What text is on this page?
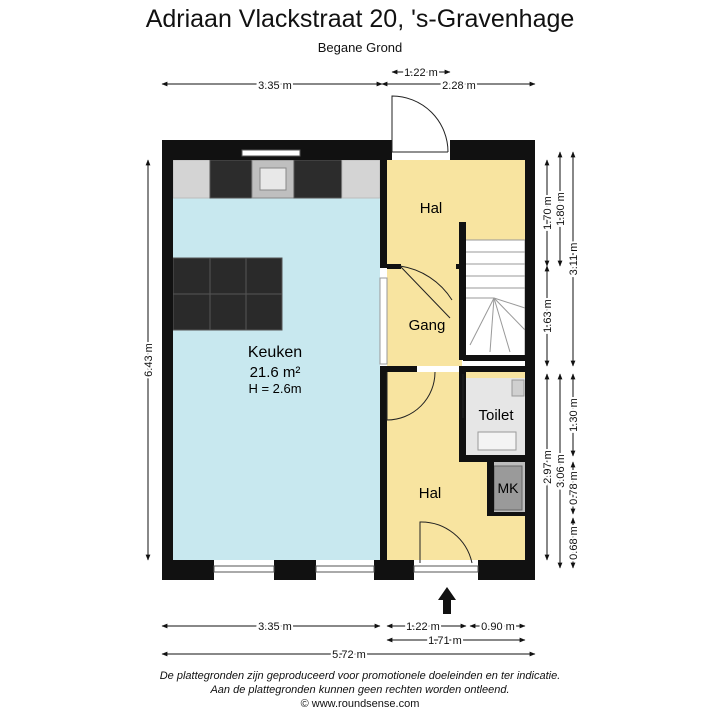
Adriaan Vlackstraat 20, 's-Gravenhage
Begane Grond
Hal
Gang
Keuken
21.6 m²
H = 2.6m
Toilet
Hal	MK
3.35 m
1.22 m
2.28 m
6.43 m
1.70 m 1.80 m
3.11 m
1.63 m
1.30 m
2.97 m 3.06 m
0.78 m
0.68 m
3.35 m	1.22 m	0.90 m
1.71 m
5.72 m
De plattegronden zijn geproduceerd voor promotionele doeleinden en ter indicatie.
Aan de plattegronden kunnen geen rechten worden ontleend.
© www.roundsense.com
